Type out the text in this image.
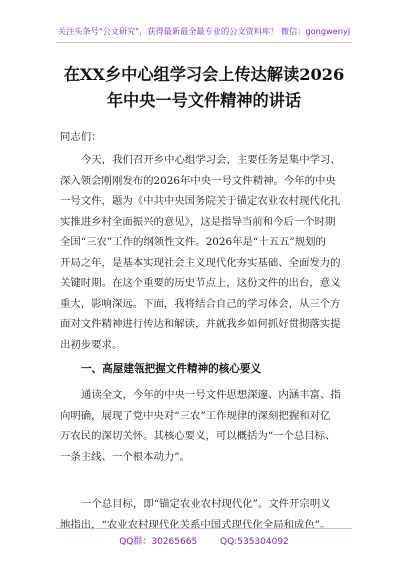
关注头条号"公文研究"，获得最新最全最专业的公文资料库！ 微信：gongwenyj
在XX乡中心组学习会上传达解读2026
年中央一号文件精神的讲话
同志们：
今天，我们召开乡中心组学习会，主要任务是集中学习、
深入领会刚刚发布的2026年中央一号文件精神。今年的中央
一号文件，题为《中共中央国务院关于锚定农业农村现代化扎
实推进乡村全面振兴的意见》，这是指导当前和今后一个时期
全国“三农”工作的纲领性文件。2026年是“十五五”规划的
开局之年，是基本实现社会主义现代化夯实基础、全面发力的
关键时期。在这个重要的历史节点上，这份文件的出台，意义
重大，影响深远。下面，我将结合自己的学习体会，从三个方
面对文件精神进行传达和解读，并就我乡如何抓好贯彻落实提
出初步要求。
一、高屋建瓴把握文件精神的核心要义
通读全文，今年的中央一号文件思想深邃、内涵丰富、指
向明确，展现了党中央对“三农”工作规律的深刻把握和对亿
万农民的深切关怀。其核心要义，可以概括为“一个总目标、
一条主线、一个根本动力”。
一个总目标，即“锚定农业农村现代化”。文件开宗明义
地指出，“农业农村现代化关系中国式现代化全局和成色”。
QQ群：30265665	QQ:535304092
